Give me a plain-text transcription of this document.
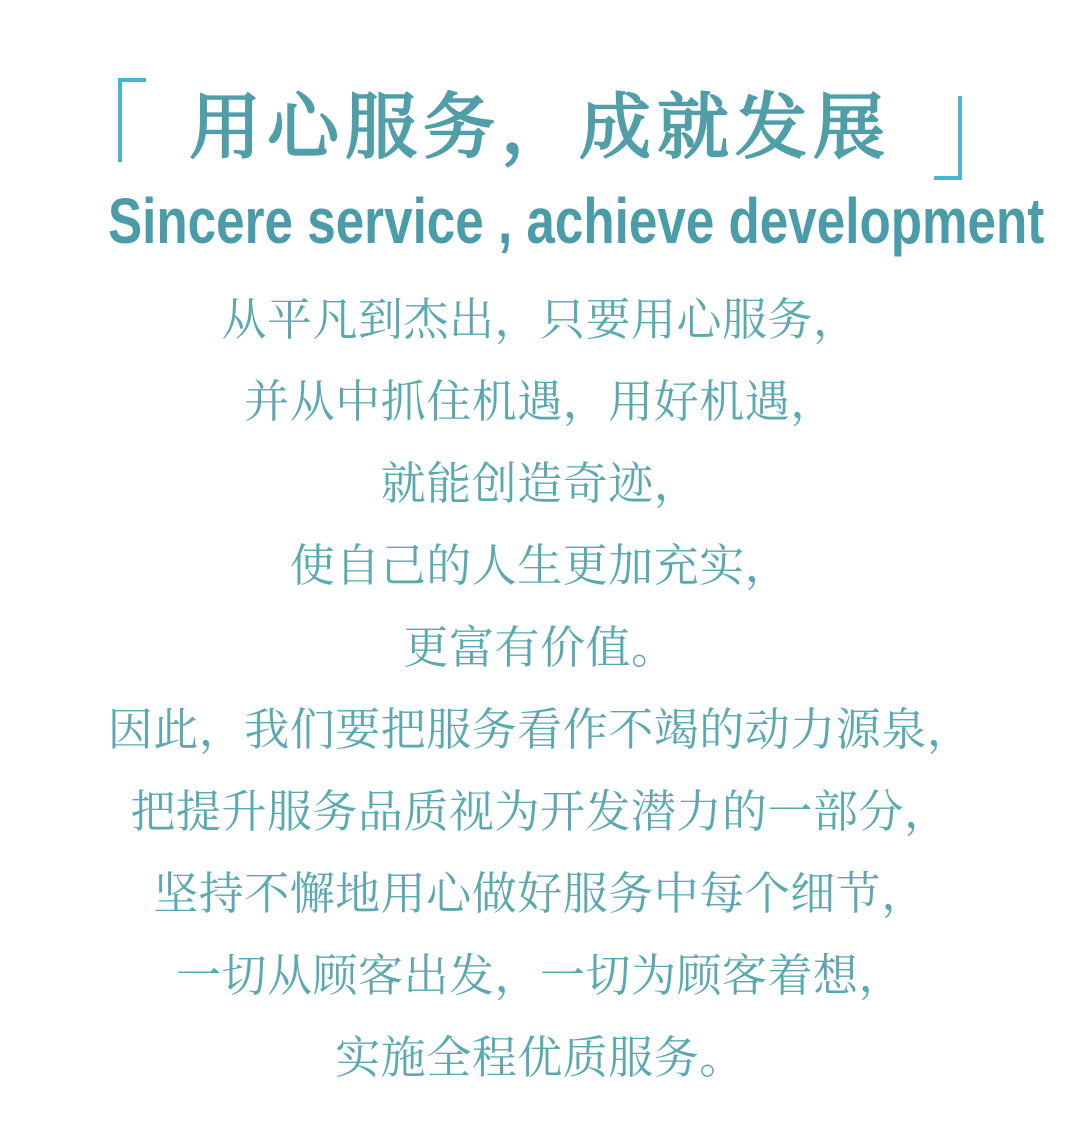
用心服务，成就发展
Sincere service , achieve development
从平凡到杰出，只要用心服务，
并从中抓住机遇，用好机遇，
就能创造奇迹，
使自己的人生更加充实，
更富有价值。
因此，我们要把服务看作不竭的动力源泉，
把提升服务品质视为开发潜力的一部分，
坚持不懈地用心做好服务中每个细节，
一切从顾客出发，一切为顾客着想，
实施全程优质服务。
